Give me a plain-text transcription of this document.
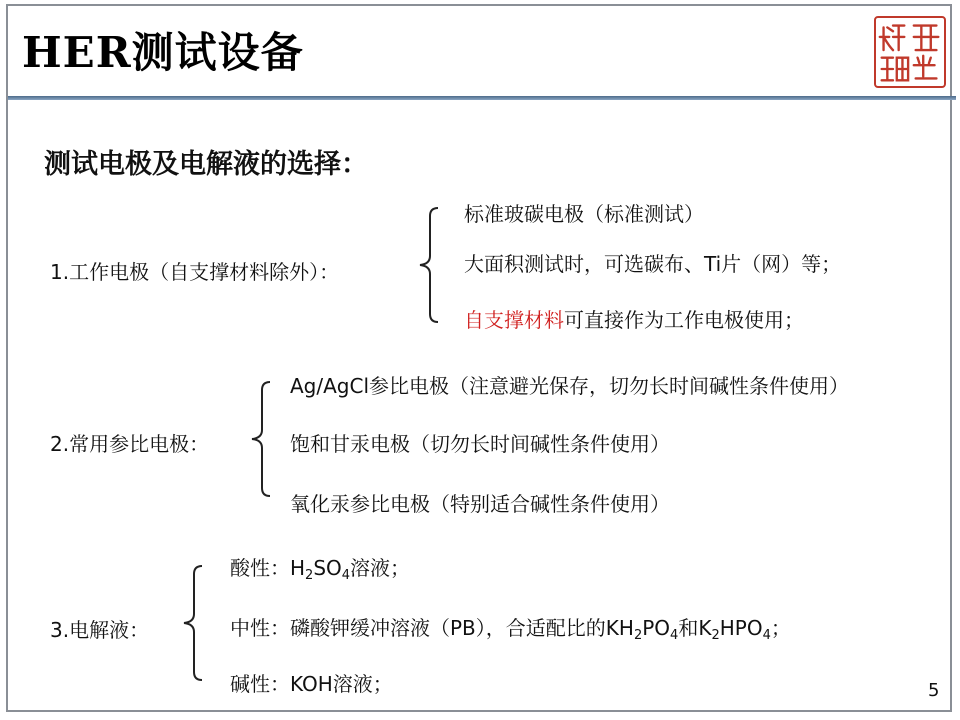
HER测试设备
测试电极及电解液的选择：
1.工作电极（自支撑材料除外）：
标准玻碳电极（标准测试）
大面积测试时，可选碳布、Ti片（网）等；
自支撑材料可直接作为工作电极使用；
2.常用参比电极：
Ag/AgCl参比电极（注意避光保存，切勿长时间碱性条件使用）
饱和甘汞电极（切勿长时间碱性条件使用）
氧化汞参比电极（特别适合碱性条件使用）
3.电解液：
酸性：$H_2SO_4$溶液；
中性：磷酸钾缓冲溶液（PB），合适配比的$KH_2PO_4$和$K_2HPO_4$；
碱性：KOH溶液；	5
